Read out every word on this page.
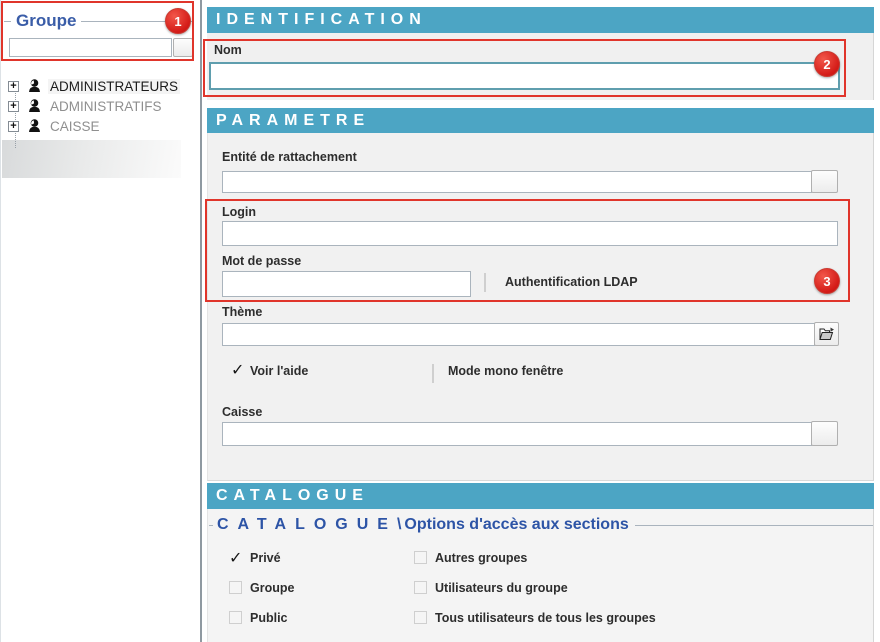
Groupe
+
ADMINISTRATEURS
+
ADMINISTRATIFS
+
CAISSE
1	IDENTIFICATION
Nom
2
PARAMETRE
Entité de rattachement
Login
Mot de passe
Authentification LDAP	3
Thème
✓
Voir l'aide	Mode mono fenêtre
Caisse
CATALOGUE
CATALOGUE \ Options d'accès aux sections
✓
Privé	Autres groupes
Groupe	Utilisateurs du groupe
Public	Tous utilisateurs de tous les groupes
